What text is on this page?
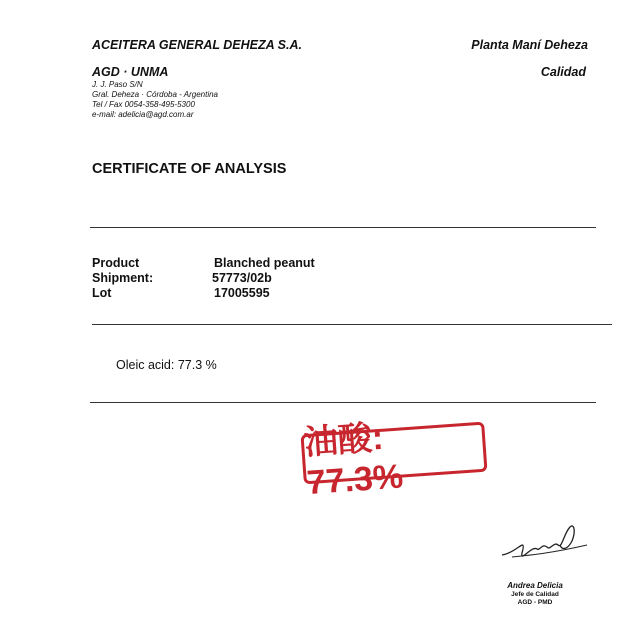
ACEITERA GENERAL DEHEZA S.A.	Planta Maní Deheza
AGD · UNMA	Calidad
J. J. Paso S/N
Gral. Deheza · Córdoba - Argentina
Tel / Fax 0054-358-495-5300
e-mail: adelicia@agd.com.ar
CERTIFICATE OF ANALYSIS
Product	Blanched peanut
Shipment:	57773/02b
Lot	17005595
Oleic acid: 77.3 %
油酸: 77.3%
Andrea Delicia
Jefe de Calidad
AGD - PMD
